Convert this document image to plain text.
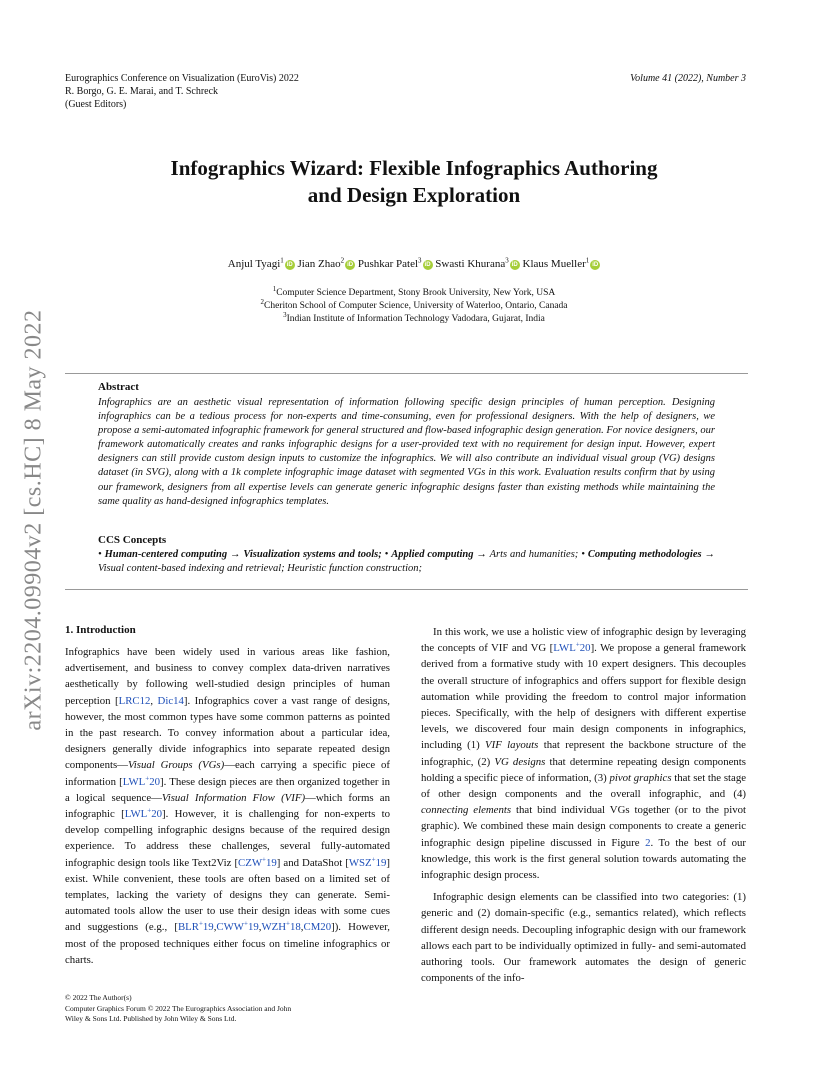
Eurographics Conference on Visualization (EuroVis) 2022
R. Borgo, G. E. Marai, and T. Schreck
(Guest Editors)
Volume 41 (2022), Number 3
arXiv:2204.09904v2 [cs.HC] 8 May 2022
Infographics Wizard: Flexible Infographics Authoring
and Design Exploration
Anjul Tyagi$^1$iD Jian Zhao$^2$iD Pushkar Patel$^3$iD Swasti Khurana$^3$iD Klaus Mueller$^1$iD
$^1$Computer Science Department, Stony Brook University, New York, USA
$^2$Cheriton School of Computer Science, University of Waterloo, Ontario, Canada
$^3$Indian Institute of Information Technology Vadodara, Gujarat, India
Abstract
Infographics are an aesthetic visual representation of information following specific design principles of human perception. Designing infographics can be a tedious process for non-experts and time-consuming, even for professional designers. With the help of designers, we propose a semi-automated infographic framework for general structured and flow-based infographic design generation. For novice designers, our framework automatically creates and ranks infographic designs for a user-provided text with no requirement for design input. However, expert designers can still provide custom design inputs to customize the infographics. We will also contribute an individual visual group (VG) designs dataset (in SVG), along with a 1k complete infographic image dataset with segmented VGs in this work. Evaluation results confirm that by using our framework, designers from all expertise levels can generate generic infographic designs faster than existing methods while maintaining the same quality as hand-designed infographics templates.
CCS Concepts
• Human-centered computing → Visualization systems and tools; • Applied computing → Arts and humanities; • Computing methodologies → Visual content-based indexing and retrieval; Heuristic function construction;
1. Introduction

Infographics have been widely used in various areas like fashion, advertisement, and business to convey complex data-driven narratives aesthetically by following well-studied design principles of human perception [LRC12, Dic14]. Infographics cover a vast range of designs, however, the most common types have some common patterns as pointed in the past research. To convey information about a particular idea, designers generally divide infographics into separate repeated design components—Visual Groups (VGs)—each carrying a specific piece of information [LWL+20]. These design pieces are then organized together in a logical sequence—Visual Information Flow (VIF)—which forms an infographic [LWL+20]. However, it is challenging for non-experts to develop compelling infographic designs because of the required design experience. To address these challenges, several fully-automated infographic design tools like Text2Viz [CZW+19] and DataShot [WSZ+19] exist. While convenient, these tools are often based on a limited set of templates, lacking the variety of designs they can generate. Semi-automated tools allow the user to use their design ideas with some cues and suggestions (e.g., [BLR+19,CWW+19,WZH+18,CM20]). However, most of the proposed techniques either focus on timeline infographics or charts.

In this work, we use a holistic view of infographic design by leveraging the concepts of VIF and VG [LWL+20]. We propose a general framework derived from a formative study with 10 expert designers. This decouples the overall structure of infographics and offers support for flexible design automation while providing the freedom to control major information pieces. Specifically, with the help of designers with different expertise levels, we discovered four main design components in infographics, including (1) VIF layouts that represent the backbone structure of the infographic, (2) VG designs that determine repeating design components holding a specific piece of information, (3) pivot graphics that set the stage of other design components and the overall infographic, and (4) connecting elements that bind individual VGs together (or to the pivot graphic). We combined these main design components to create a generic infographic design pipeline discussed in Figure 2. To the best of our knowledge, this work is the first general solution towards automating the infographic design process.

Infographic design elements can be classified into two categories: (1) generic and (2) domain-specific (e.g., semantics related), which reflects different design needs. Decoupling infographic design with our framework allows each part to be individually optimized in fully- and semi-automated authoring tools. Our framework automates the design of generic components of the info-

© 2022 The Author(s)
Computer Graphics Forum © 2022 The Eurographics Association and John
Wiley & Sons Ltd. Published by John Wiley & Sons Ltd.
